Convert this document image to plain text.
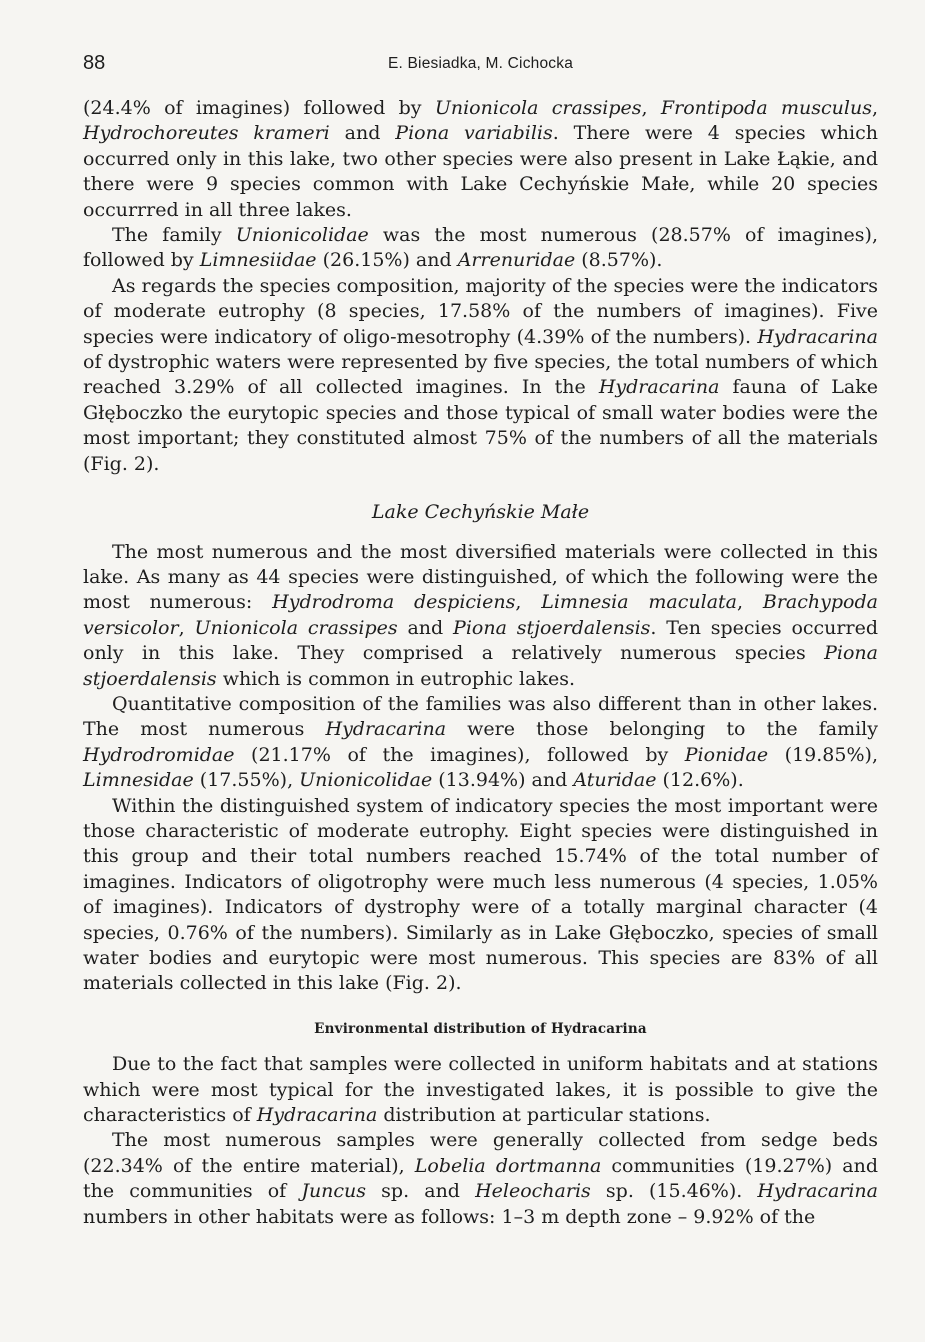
88	E. Biesiadka, M. Cichocka

(24.4% of imagines) followed by Unionicola crassipes, Frontipoda musculus, Hydrochoreutes krameri and Piona variabilis. There were 4 species which occurred only in this lake, two other species were also present in Lake Łąkie, and there were 9 species common with Lake Cechyńskie Małe, while 20 species occurrred in all three lakes.

The family Unionicolidae was the most numerous (28.57% of imagines), followed by Limnesiidae (26.15%) and Arrenuridae (8.57%).

As regards the species composition, majority of the species were the indicators of moderate eutrophy (8 species, 17.58% of the numbers of imagines). Five species were indicatory of oligo-mesotrophy (4.39% of the numbers). Hydracarina of dystrophic waters were represented by five species, the total numbers of which reached 3.29% of all collected imagines. In the Hydracarina fauna of Lake Głęboczko the eurytopic species and those typical of small water bodies were the most important; they constituted almost 75% of the numbers of all the materials (Fig. 2).

Lake Cechyńskie Małe

The most numerous and the most diversified materials were collected in this lake. As many as 44 species were distinguished, of which the following were the most numerous: Hydrodroma despiciens, Limnesia maculata, Brachypoda versicolor, Unionicola crassipes and Piona stjoerdalensis. Ten species occurred only in this lake. They comprised a relatively numerous species Piona stjoerdalensis which is common in eutrophic lakes.

Quantitative composition of the families was also different than in other lakes. The most numerous Hydracarina were those belonging to the family Hydrodromidae (21.17% of the imagines), followed by Pionidae (19.85%), Limnesidae (17.55%), Unionicolidae (13.94%) and Aturidae (12.6%).

Within the distinguished system of indicatory species the most important were those characteristic of moderate eutrophy. Eight species were distinguished in this group and their total numbers reached 15.74% of the total number of imagines. Indicators of oligotrophy were much less numerous (4 species, 1.05% of imagines). Indicators of dystrophy were of a totally marginal character (4 species, 0.76% of the numbers). Similarly as in Lake Głęboczko, species of small water bodies and eurytopic were most numerous. This species are 83% of all materials collected in this lake (Fig. 2).

Environmental distribution of Hydracarina

Due to the fact that samples were collected in uniform habitats and at stations which were most typical for the investigated lakes, it is possible to give the characteristics of Hydracarina distribution at particular stations.

The most numerous samples were generally collected from sedge beds (22.34% of the entire material), Lobelia dortmanna communities (19.27%) and the communities of Juncus sp. and Heleocharis sp. (15.46%). Hydracarina numbers in other habitats were as follows: 1–3 m depth zone – 9.92% of the
